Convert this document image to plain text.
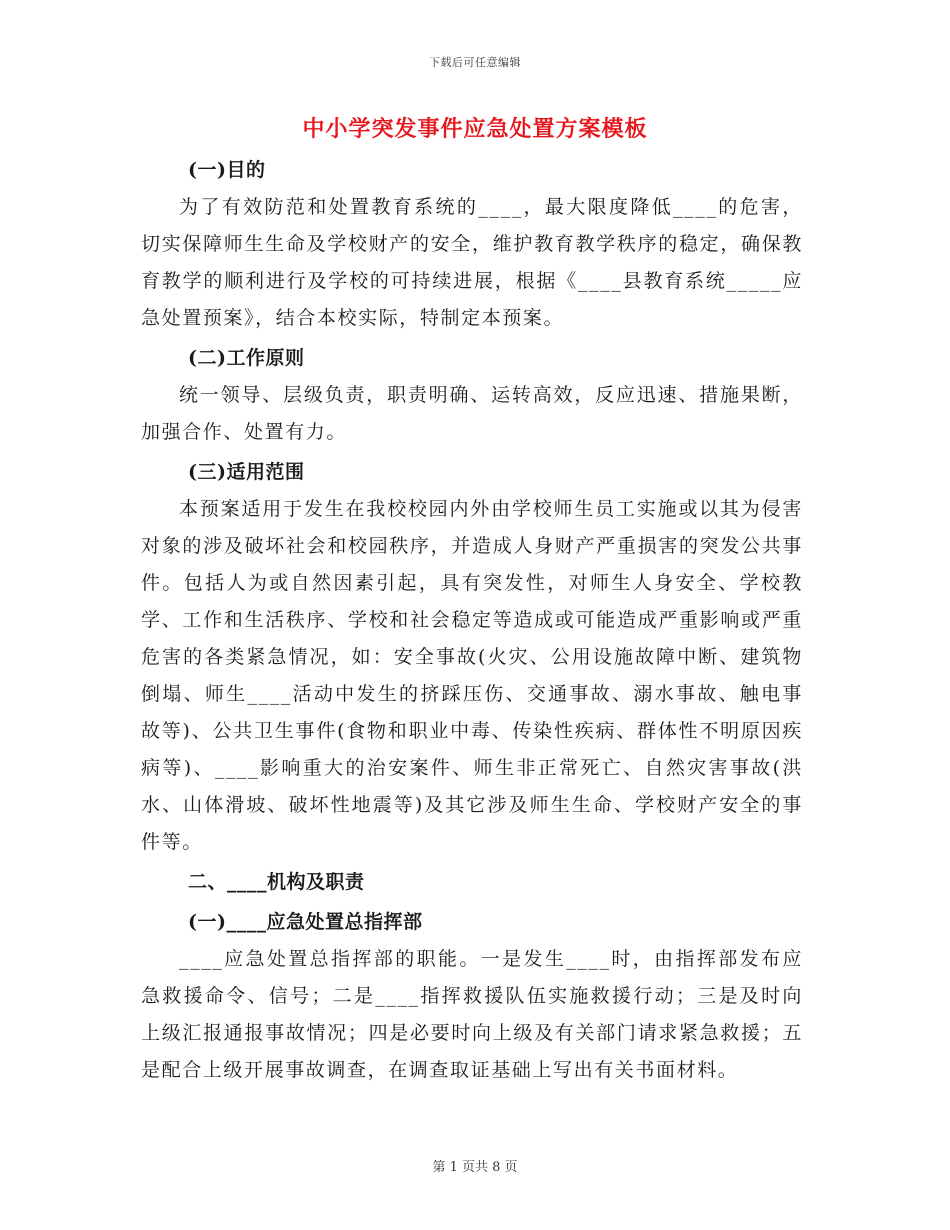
下载后可任意编辑
中小学突发事件应急处置方案模板

(一)目的

为了有效防范和处置教育系统的____，最大限度降低____的危害，切实保障师生生命及学校财产的安全，维护教育教学秩序的稳定，确保教育教学的顺利进行及学校的可持续进展，根据《____县教育系统_____应急处置预案》，结合本校实际，特制定本预案。

(二)工作原则

统一领导、层级负责，职责明确、运转高效，反应迅速、措施果断，加强合作、处置有力。

(三)适用范围

本预案适用于发生在我校校园内外由学校师生员工实施或以其为侵害对象的涉及破坏社会和校园秩序，并造成人身财产严重损害的突发公共事件。包括人为或自然因素引起，具有突发性，对师生人身安全、学校教学、工作和生活秩序、学校和社会稳定等造成或可能造成严重影响或严重危害的各类紧急情况，如：安全事故(火灾、公用设施故障中断、建筑物倒塌、师生____活动中发生的挤踩压伤、交通事故、溺水事故、触电事故等)、公共卫生事件(食物和职业中毒、传染性疾病、群体性不明原因疾病等)、____影响重大的治安案件、师生非正常死亡、自然灾害事故(洪水、山体滑坡、破坏性地震等)及其它涉及师生生命、学校财产安全的事件等。

二、____机构及职责

(一)____应急处置总指挥部

____应急处置总指挥部的职能。一是发生____时，由指挥部发布应急救援命令、信号；二是____指挥救援队伍实施救援行动；三是及时向上级汇报通报事故情况；四是必要时向上级及有关部门请求紧急救援；五是配合上级开展事故调查，在调查取证基础上写出有关书面材料。

第 1 页共 8 页
